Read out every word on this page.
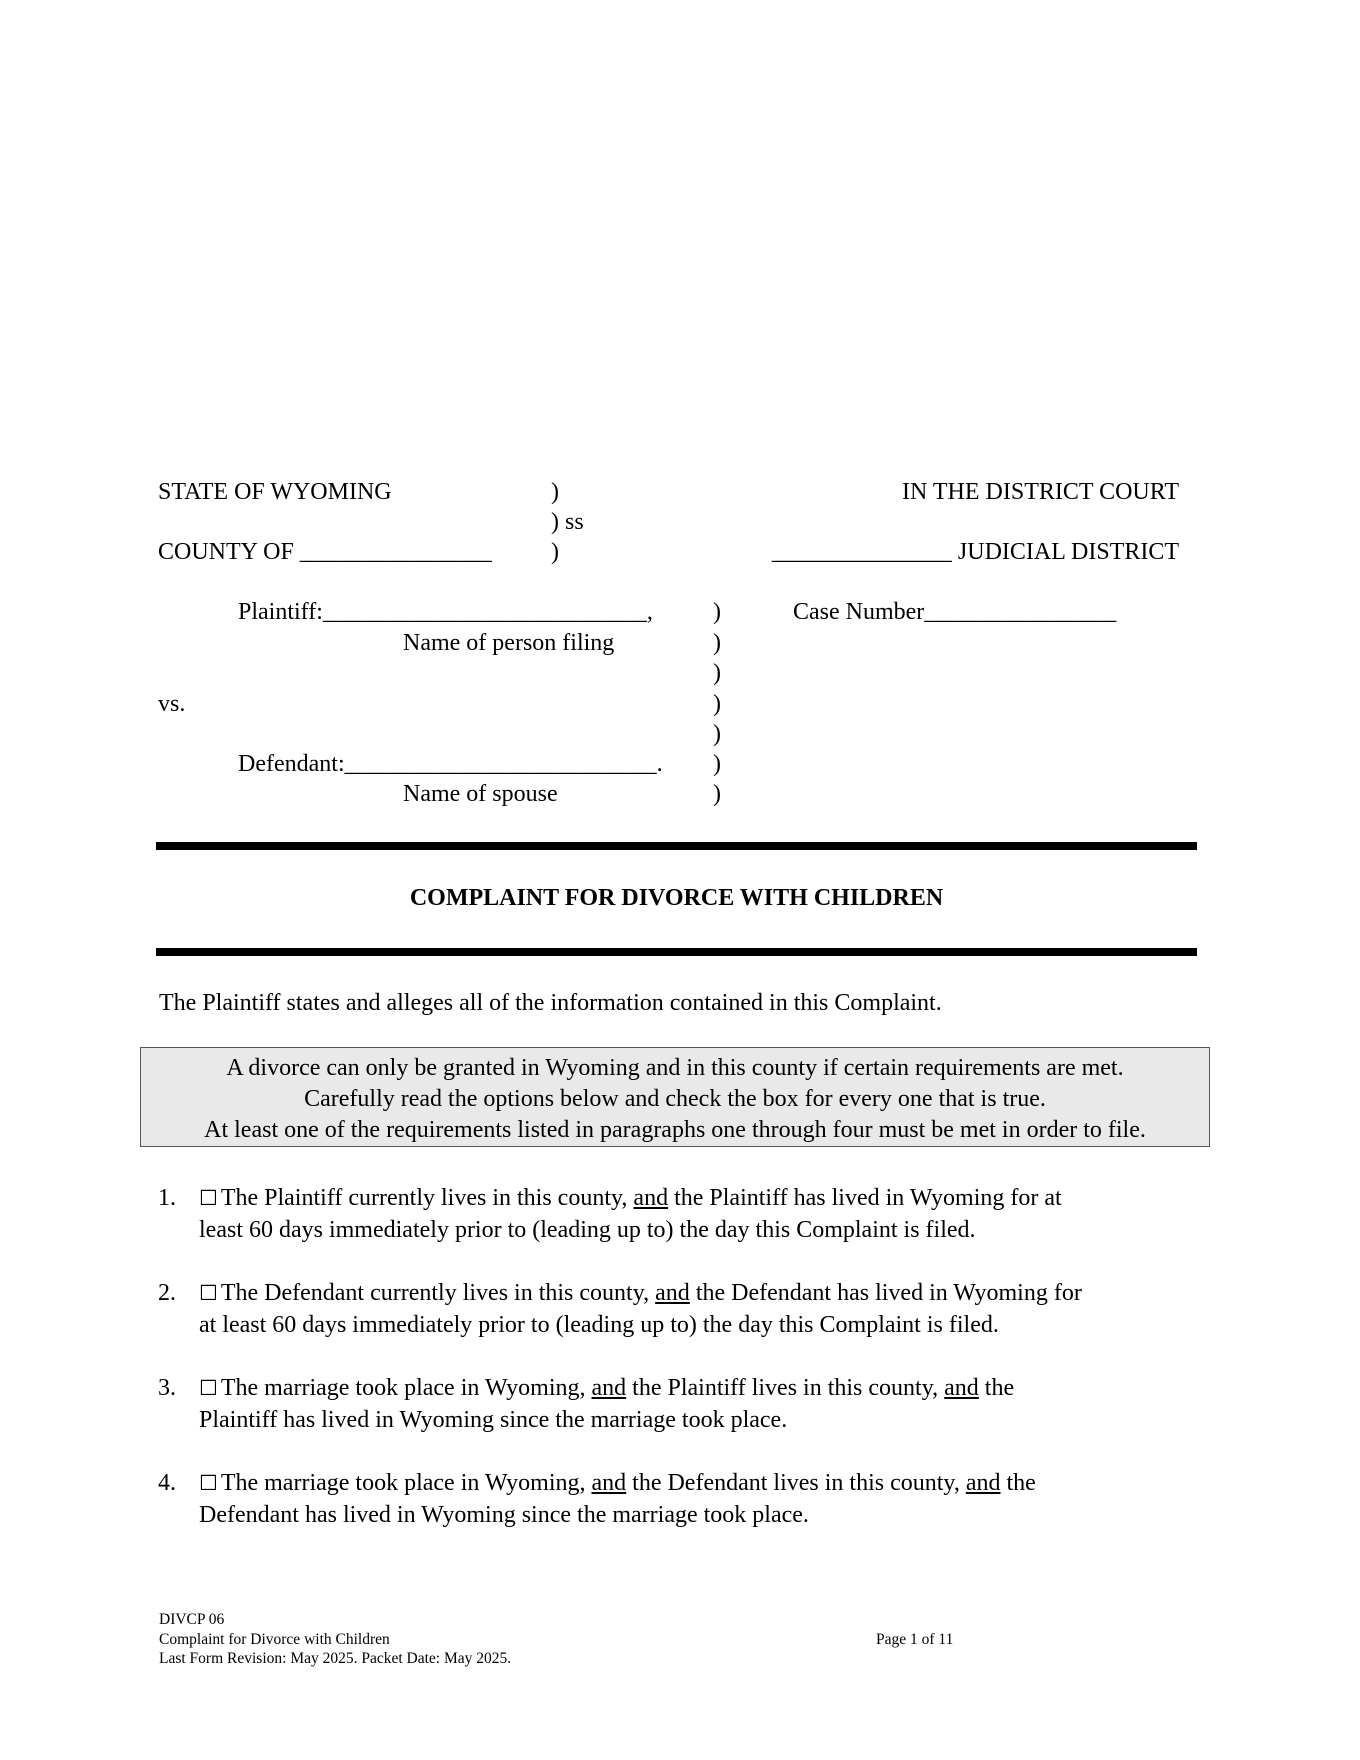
STATE OF WYOMING	)
) ss
COUNTY OF ________________ )
IN THE DISTRICT COURT
_______________ JUDICIAL DISTRICT
Plaintiff:___________________________,
Name of person filing
vs.
Defendant:__________________________.
Name of spouse
)
)
)
)
)
)
)
Case Number________________
COMPLAINT FOR DIVORCE WITH CHILDREN
The Plaintiff states and alleges all of the information contained in this Complaint.
A divorce can only be granted in Wyoming and in this county if certain requirements are met.
Carefully read the options below and check the box for every one that is true.
At least one of the requirements listed in paragraphs one through four must be met in order to file.
1. ☐ The Plaintiff currently lives in this county, and the Plaintiff has lived in Wyoming for at
least 60 days immediately prior to (leading up to) the day this Complaint is filed.
2. ☐ The Defendant currently lives in this county, and the Defendant has lived in Wyoming for
at least 60 days immediately prior to (leading up to) the day this Complaint is filed.
3. ☐ The marriage took place in Wyoming, and the Plaintiff lives in this county, and the
Plaintiff has lived in Wyoming since the marriage took place.
4. ☐ The marriage took place in Wyoming, and the Defendant lives in this county, and the
Defendant has lived in Wyoming since the marriage took place.
DIVCP 06
Complaint for Divorce with Children
Last Form Revision: May 2025. Packet Date: May 2025.
Page 1 of 11
